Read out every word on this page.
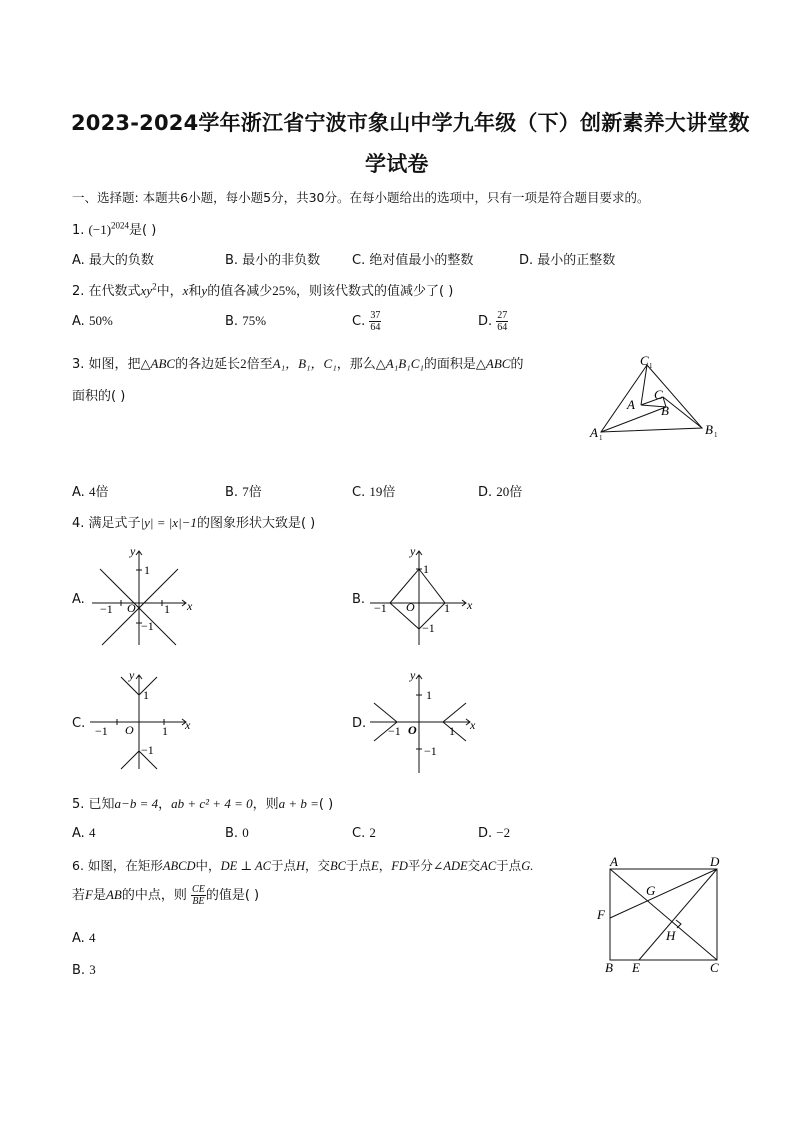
2023-2024学年浙江省宁波市象山中学九年级（下）创新素养大讲堂数
学试卷
一、选择题: 本题共6小题，每小题5分，共30分。在每小题给出的选项中，只有一项是符合题目要求的。
1. $(-1)^{2024}$是( )
A. 最大的负数	B. 最小的非负数 C. 绝对值最小的整数	D. 最小的正整数
2. 在代数式$xy^2$中，x和y的值各减少25%，则该代数式的值减少了( )
A. 50%	B. 75%	C. $\frac{37}{64}$	D. $\frac{27}{64}$
3. 如图，把△ABC的各边延长2倍至A₁，B₁，C₁，那么△A₁B₁C₁的面积是△ABC的
面积的( )
C 1
A 1
B 1
A B
C
A. 4倍	B. 7倍	C. 19倍	D. 20倍
4. 满足式子|y| = |x|−1的图象形状大致是( )
A.
y
x
O
1
−1
−1	1
B.
y
x
O
1
−1
−1	1
C.
y
x
O
1
−1
−1	1	D.
y
x
O
1
−1
−1	1
5. 已知a−b = 4，ab + c² + 4 = 0，则a + b =( )
A. 4	B. 0	C. 2	D. −2
6. 如图，在矩形ABCD中，DE ⊥ AC于点H，交BC于点E，FD平分∠ADE交AC于点G.
若F是AB的中点，则 $\frac{CE}{BE}$ 的值是( )
A. 4
B. 3
A	D
B E	C
F
G
H
